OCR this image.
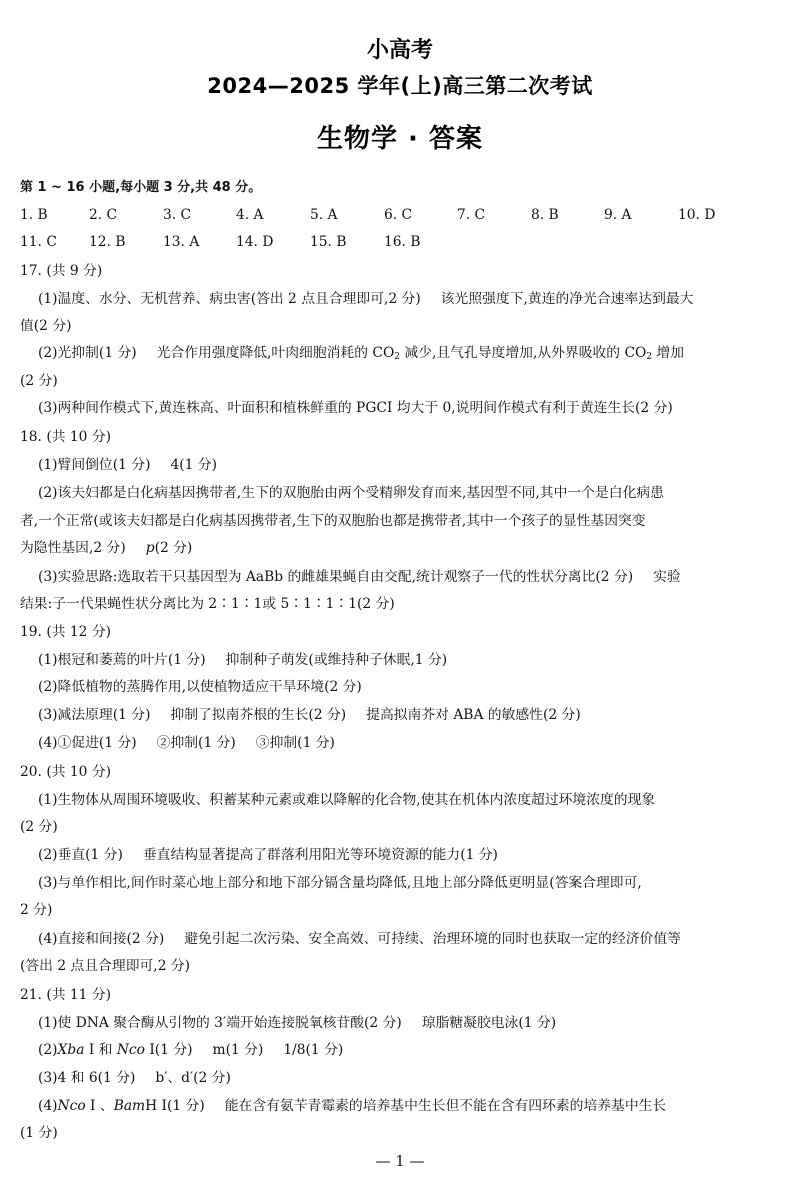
小高考
2024—2025 学年(上)高三第二次考试
生物学 · 答案
第 1 ~ 16 小题,每小题 3 分,共 48 分。
1. B	2. C	3. C	4. A	5. A	6. C	7. C	8. B	9. A	10. D
11. C 12. B	13. A	14. D	15. B	16. B
17. (共 9 分)
(1)温度、水分、无机营养、病虫害(答出 2 点且合理即可,2 分) 该光照强度下,黄连的净光合速率达到最大
值(2 分)
(2)光抑制(1 分) 光合作用强度降低,叶肉细胞消耗的 $CO_2$ 减少,且气孔导度增加,从外界吸收的 $CO_2$ 增加
(2 分)
(3)两种间作模式下,黄连株高、叶面积和植株鲜重的 PGCI 均大于 0,说明间作模式有利于黄连生长(2 分)
18. (共 10 分)
(1)臂间倒位(1 分) 4(1 分)
(2)该夫妇都是白化病基因携带者,生下的双胞胎由两个受精卵发育而来,基因型不同,其中一个是白化病患
者,一个正常(或该夫妇都是白化病基因携带者,生下的双胞胎也都是携带者,其中一个孩子的显性基因突变
为隐性基因,2 分) p(2 分)
(3)实验思路:选取若干只基因型为 AaBb 的雌雄果蝇自由交配,统计观察子一代的性状分离比(2 分) 实验
结果:子一代果蝇性状分离比为 2∶1∶1或 5∶1∶1∶1(2 分)
19. (共 12 分)
(1)根冠和萎蔫的叶片(1 分) 抑制种子萌发(或维持种子休眠,1 分)
(2)降低植物的蒸腾作用,以使植物适应干旱环境(2 分)
(3)减法原理(1 分) 抑制了拟南芥根的生长(2 分) 提高拟南芥对 ABA 的敏感性(2 分)
(4)①促进(1 分) ②抑制(1 分) ③抑制(1 分)
20. (共 10 分)
(1)生物体从周围环境吸收、积蓄某种元素或难以降解的化合物,使其在机体内浓度超过环境浓度的现象
(2 分)
(2)垂直(1 分) 垂直结构显著提高了群落利用阳光等环境资源的能力(1 分)
(3)与单作相比,间作时菜心地上部分和地下部分镉含量均降低,且地上部分降低更明显(答案合理即可,
2 分)
(4)直接和间接(2 分) 避免引起二次污染、安全高效、可持续、治理环境的同时也获取一定的经济价值等
(答出 2 点且合理即可,2 分)
21. (共 11 分)
(1)使 DNA 聚合酶从引物的 3′端开始连接脱氧核苷酸(2 分) 琼脂糖凝胶电泳(1 分)
(2)Xba Ⅰ 和 Nco Ⅰ(1 分) m(1 分) 1/8(1 分)
(3)4 和 6(1 分) b′、d′(2 分)
(4)Nco Ⅰ 、BamH Ⅰ(1 分) 能在含有氨苄青霉素的培养基中生长但不能在含有四环素的培养基中生长
(1 分)
— 1 —
